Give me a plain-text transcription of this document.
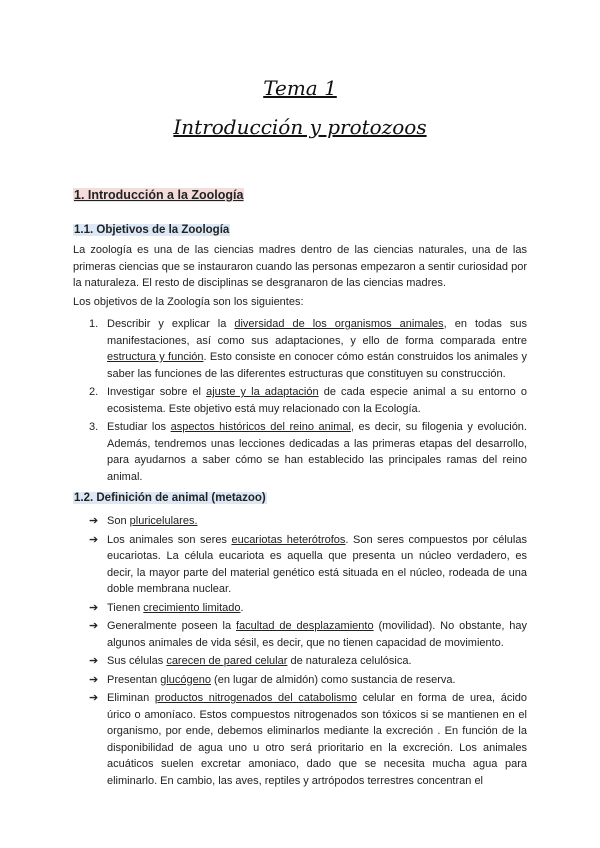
Tema 1
Introducción y protozoos
1. Introducción a la Zoología
1.1. Objetivos de la Zoología

La zoología es una de las ciencias madres dentro de las ciencias naturales, una de las primeras ciencias que se instauraron cuando las personas empezaron a sentir curiosidad por la naturaleza. El resto de disciplinas se desgranaron de las ciencias madres.

Los objetivos de la Zoología son los siguientes:

1. Describir y explicar la diversidad de los organismos animales, en todas sus manifestaciones, así como sus adaptaciones, y ello de forma comparada entre estructura y función. Esto consiste en conocer cómo están construidos los animales y saber las funciones de las diferentes estructuras que constituyen su construcción.
2. Investigar sobre el ajuste y la adaptación de cada especie animal a su entorno o ecosistema. Este objetivo está muy relacionado con la Ecología.
3. Estudiar los aspectos históricos del reino animal, es decir, su filogenia y evolución. Además, tendremos unas lecciones dedicadas a las primeras etapas del desarrollo, para ayudarnos a saber cómo se han establecido las principales ramas del reino animal.
1.2. Definición de animal (metazoo)
➔ Son pluricelulares.
➔ Los animales son seres eucariotas heterótrofos. Son seres compuestos por células eucariotas. La célula eucariota es aquella que presenta un núcleo verdadero, es decir, la mayor parte del material genético está situada en el núcleo, rodeada de una doble membrana nuclear.
➔ Tienen crecimiento limitado.
➔ Generalmente poseen la facultad de desplazamiento (movilidad). No obstante, hay algunos animales de vida sésil, es decir, que no tienen capacidad de movimiento.
➔ Sus células carecen de pared celular de naturaleza celulósica.
➔ Presentan glucógeno (en lugar de almidón) como sustancia de reserva.
➔ Eliminan productos nitrogenados del catabolismo celular en forma de urea, ácido úrico o amoníaco. Estos compuestos nitrogenados son tóxicos si se mantienen en el organismo, por ende, debemos eliminarlos mediante la excreción . En función de la disponibilidad de agua uno u otro será prioritario en la excreción. Los animales acuáticos suelen excretar amoniaco, dado que se necesita mucha agua para eliminarlo. En cambio, las aves, reptiles y artrópodos terrestres concentran el
